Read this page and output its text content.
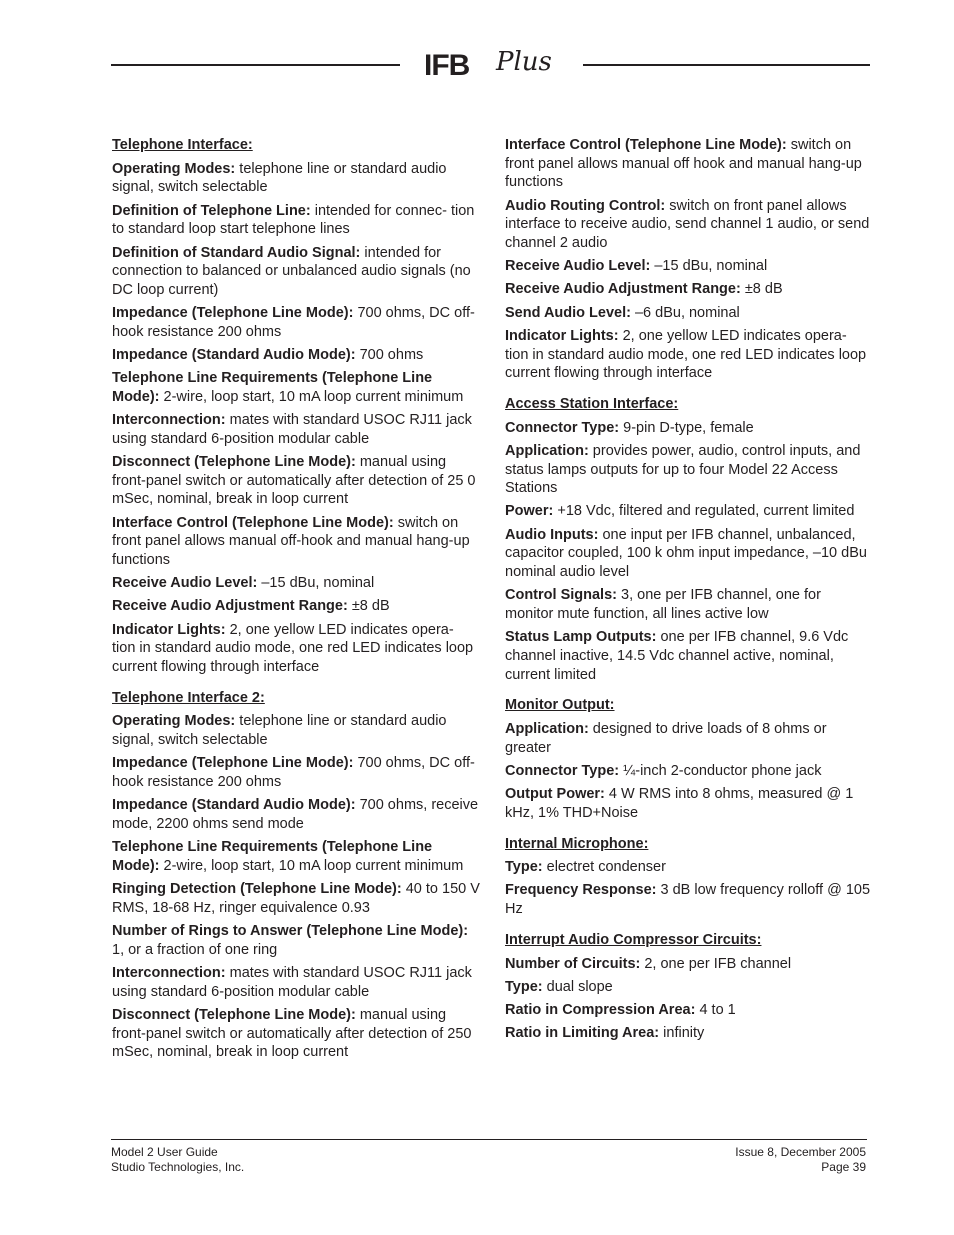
IFB Plus
Telephone Interface:
Operating Modes: telephone line or standard audio signal, switch selectable
Definition of Telephone Line: intended for connec- tion to standard loop start telephone lines
Definition of Standard Audio Signal: intended for connection to balanced or unbalanced audio signals (no DC loop current)
Impedance (Telephone Line Mode): 700 ohms, DC off-hook resistance 200 ohms
Impedance (Standard Audio Mode): 700 ohms
Telephone Line Requirements (Telephone Line Mode): 2-wire, loop start, 10 mA loop current minimum
Interconnection: mates with standard USOC RJ11 jack using standard 6-position modular cable
Disconnect (Telephone Line Mode): manual using front-panel switch or automatically after detection of 25 0 mSec, nominal, break in loop current
Interface Control (Telephone Line Mode): switch on front panel allows manual off-hook and manual hang-up functions
Receive Audio Level: –15 dBu, nominal
Receive Audio Adjustment Range: ±8 dB
Indicator Lights: 2, one yellow LED indicates opera- tion in standard audio mode, one red LED indicates loop current flowing through interface
Telephone Interface 2:
Operating Modes: telephone line or standard audio signal, switch selectable
Impedance (Telephone Line Mode): 700 ohms, DC off-hook resistance 200 ohms
Impedance (Standard Audio Mode): 700 ohms, receive mode, 2200 ohms send mode
Telephone Line Requirements (Telephone Line Mode): 2-wire, loop start, 10 mA loop current minimum
Ringing Detection (Telephone Line Mode): 40 to 150 V RMS, 18-68 Hz, ringer equivalence 0.93
Number of Rings to Answer (Telephone Line Mode): 1, or a fraction of one ring
Interconnection: mates with standard USOC RJ11 jack using standard 6-position modular cable
Disconnect (Telephone Line Mode): manual using front-panel switch or automatically after detection of 250 mSec, nominal, break in loop current
Interface Control (Telephone Line Mode): switch on front panel allows manual off hook and manual hang-up functions
Audio Routing Control: switch on front panel allows interface to receive audio, send channel 1 audio, or send channel 2 audio
Receive Audio Level: –15 dBu, nominal
Receive Audio Adjustment Range: ±8 dB
Send Audio Level: –6 dBu, nominal
Indicator Lights: 2, one yellow LED indicates opera- tion in standard audio mode, one red LED indicates loop current flowing through interface
Access Station Interface:
Connector Type: 9-pin D-type, female
Application: provides power, audio, control inputs, and status lamps outputs for up to four Model 22 Access Stations
Power: +18 Vdc, filtered and regulated, current limited
Audio Inputs: one input per IFB channel, unbalanced, capacitor coupled, 100 k ohm input impedance, –10 dBu nominal audio level
Control Signals: 3, one per IFB channel, one for monitor mute function, all lines active low
Status Lamp Outputs: one per IFB channel, 9.6 Vdc channel inactive, 14.5 Vdc channel active, nominal, current limited
Monitor Output:
Application: designed to drive loads of 8 ohms or greater
Connector Type: ¼-inch 2-conductor phone jack
Output Power: 4 W RMS into 8 ohms, measured @ 1 kHz, 1% THD+Noise
Internal Microphone:
Type: electret condenser
Frequency Response: 3 dB low frequency rolloff @ 105 Hz
Interrupt Audio Compressor Circuits:
Number of Circuits: 2, one per IFB channel
Type: dual slope
Ratio in Compression Area: 4 to 1
Ratio in Limiting Area: infinity
Model 2 User Guide
Studio Technologies, Inc.
Issue 8, December 2005
Page 39
